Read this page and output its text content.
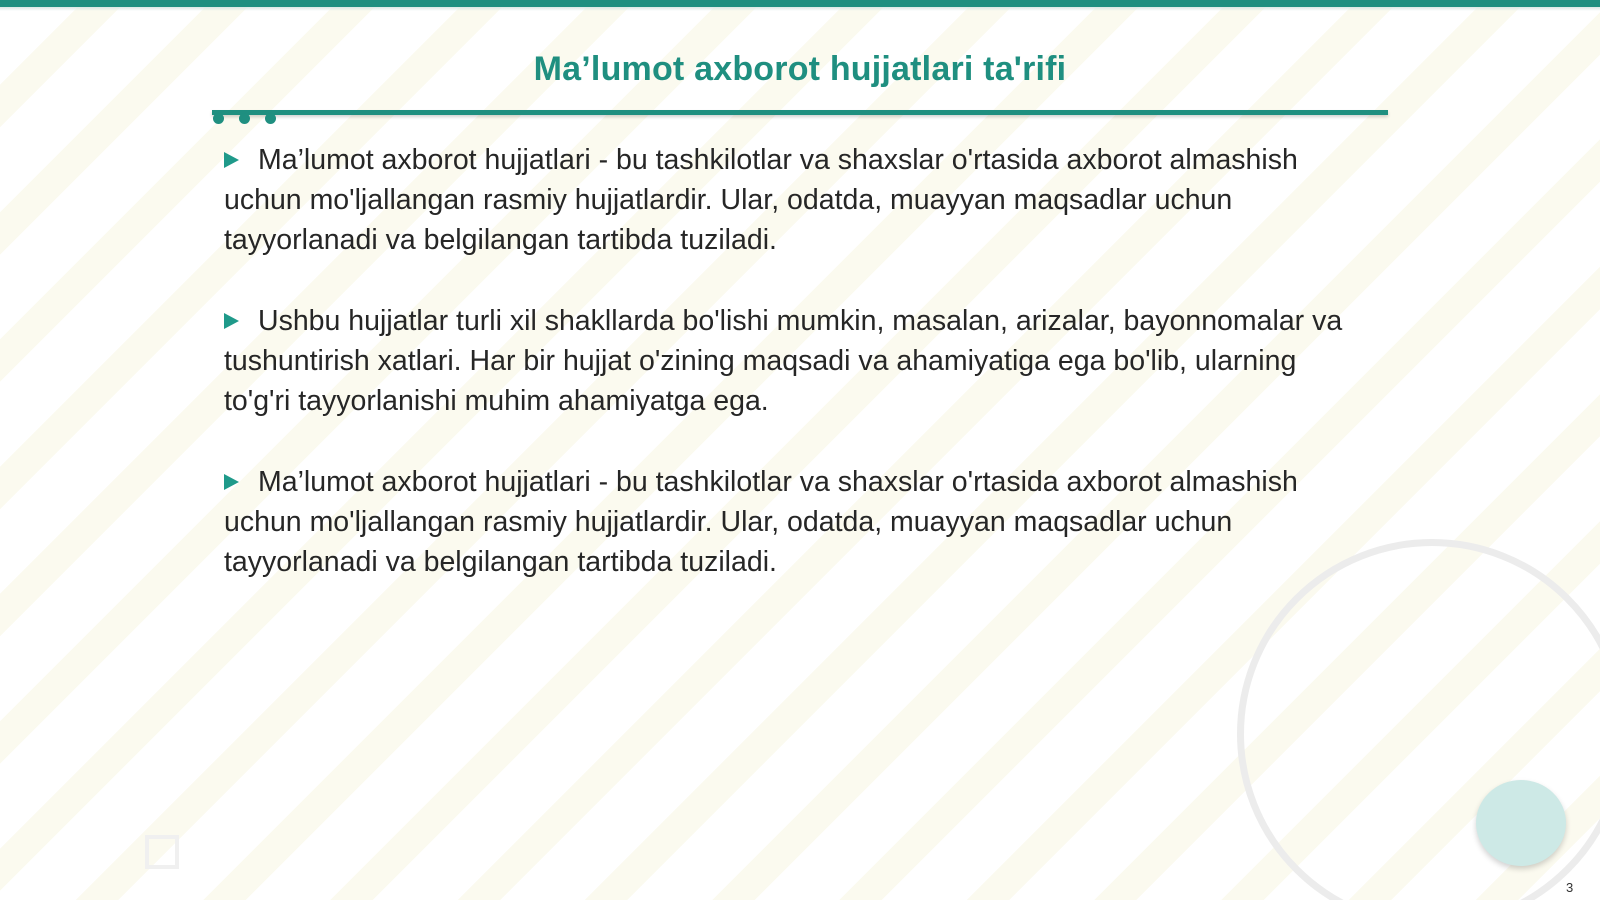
Ma’lumot axborot hujjatlari ta'rifi

Ma’lumot axborot hujjatlari - bu tashkilotlar va shaxslar o'rtasida axborot almashish uchun mo'ljallangan rasmiy hujjatlardir. Ular, odatda, muayyan maqsadlar uchun tayyorlanadi va belgilangan tartibda tuziladi.

Ushbu hujjatlar turli xil shakllarda bo'lishi mumkin, masalan, arizalar, bayonnomalar va tushuntirish xatlari. Har bir hujjat o'zining maqsadi va ahamiyatiga ega bo'lib, ularning to'g'ri tayyorlanishi muhim ahamiyatga ega.

Ma’lumot axborot hujjatlari - bu tashkilotlar va shaxslar o'rtasida axborot almashish uchun mo'ljallangan rasmiy hujjatlardir. Ular, odatda, muayyan maqsadlar uchun tayyorlanadi va belgilangan tartibda tuziladi.

3
